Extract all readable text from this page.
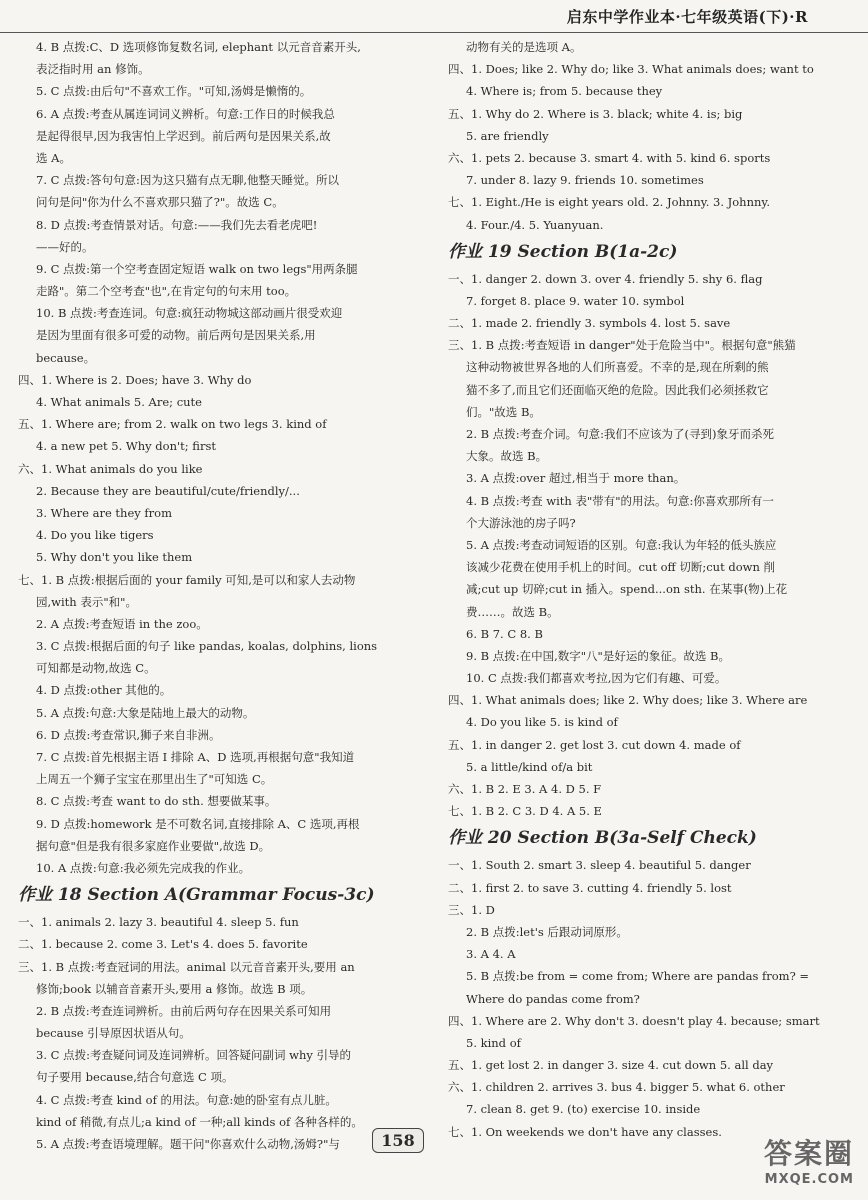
启东中学作业本·七年级英语(下)·R
4. B 点拨:C、D 选项修饰复数名词, elephant 以元音音素开头,
表泛指时用 an 修饰。
5. C 点拨:由后句"不喜欢工作。"可知,汤姆是懒惰的。
6. A 点拨:考查从属连词词义辨析。句意:工作日的时候我总
是起得很早,因为我害怕上学迟到。前后两句是因果关系,故
选 A。
7. C 点拨:答句句意:因为这只猫有点无聊,他整天睡觉。所以
问句是问"你为什么不喜欢那只猫了?"。故选 C。
8. D 点拨:考查情景对话。句意:——我们先去看老虎吧!
——好的。
9. C 点拨:第一个空考查固定短语 walk on two legs"用两条腿
走路"。第二个空考查"也",在肯定句的句末用 too。
10. B 点拨:考查连词。句意:疯狂动物城这部动画片很受欢迎
是因为里面有很多可爱的动物。前后两句是因果关系,用
because。
四、1. Where is 2. Does; have 3. Why do
4. What animals 5. Are; cute
五、1. Where are; from 2. walk on two legs 3. kind of
4. a new pet 5. Why don't; first
六、1. What animals do you like
2. Because they are beautiful/cute/friendly/...
3. Where are they from
4. Do you like tigers
5. Why don't you like them
七、1. B 点拨:根据后面的 your family 可知,是可以和家人去动物
园,with 表示"和"。
2. A 点拨:考查短语 in the zoo。
3. C 点拨:根据后面的句子 like pandas, koalas, dolphins, lions
可知都是动物,故选 C。
4. D 点拨:other 其他的。
5. A 点拨:句意:大象是陆地上最大的动物。
6. D 点拨:考查常识,狮子来自非洲。
7. C 点拨:首先根据主语 I 排除 A、D 选项,再根据句意"我知道
上周五一个狮子宝宝在那里出生了"可知选 C。
8. C 点拨:考查 want to do sth. 想要做某事。
9. D 点拨:homework 是不可数名词,直接排除 A、C 选项,再根
据句意"但是我有很多家庭作业要做",故选 D。
10. A 点拨:句意:我必须先完成我的作业。
作业 18 Section A(Grammar Focus-3c)
一、1. animals 2. lazy 3. beautiful 4. sleep 5. fun
二、1. because 2. come 3. Let's 4. does 5. favorite
三、1. B 点拨:考查冠词的用法。animal 以元音音素开头,要用 an
修饰;book 以辅音音素开头,要用 a 修饰。故选 B 项。
2. B 点拨:考查连词辨析。由前后两句存在因果关系可知用
because 引导原因状语从句。
3. C 点拨:考查疑问词及连词辨析。回答疑问副词 why 引导的
句子要用 because,结合句意选 C 项。
4. C 点拨:考查 kind of 的用法。句意:她的卧室有点儿脏。
kind of 稍微,有点儿;a kind of 一种;all kinds of 各种各样的。
5. A 点拨:考查语境理解。题干问"你喜欢什么动物,汤姆?"与
动物有关的是选项 A。
四、1. Does; like 2. Why do; like 3. What animals does; want to
4. Where is; from 5. because they
五、1. Why do 2. Where is 3. black; white 4. is; big
5. are friendly
六、1. pets 2. because 3. smart 4. with 5. kind 6. sports
7. under 8. lazy 9. friends 10. sometimes
七、1. Eight./He is eight years old. 2. Johnny. 3. Johnny.
4. Four./4. 5. Yuanyuan.
作业 19 Section B(1a-2c)
一、1. danger 2. down 3. over 4. friendly 5. shy 6. flag
7. forget 8. place 9. water 10. symbol
二、1. made 2. friendly 3. symbols 4. lost 5. save
三、1. B 点拨:考查短语 in danger"处于危险当中"。根据句意"熊猫
这种动物被世界各地的人们所喜爱。不幸的是,现在所剩的熊
猫不多了,而且它们还面临灭绝的危险。因此我们必须拯救它
们。"故选 B。
2. B 点拨:考查介词。句意:我们不应该为了(寻到)象牙而杀死
大象。故选 B。
3. A 点拨:over 超过,相当于 more than。
4. B 点拨:考查 with 表"带有"的用法。句意:你喜欢那所有一
个大游泳池的房子吗?
5. A 点拨:考查动词短语的区别。句意:我认为年轻的低头族应
该减少花费在使用手机上的时间。cut off 切断;cut down 削
减;cut up 切碎;cut in 插入。spend...on sth. 在某事(物)上花
费……。故选 B。
6. B 7. C 8. B
9. B 点拨:在中国,数字"八"是好运的象征。故选 B。
10. C 点拨:我们都喜欢考拉,因为它们有趣、可爱。
四、1. What animals does; like 2. Why does; like 3. Where are
4. Do you like 5. is kind of
五、1. in danger 2. get lost 3. cut down 4. made of
5. a little/kind of/a bit
六、1. B 2. E 3. A 4. D 5. F
七、1. B 2. C 3. D 4. A 5. E
作业 20 Section B(3a-Self Check)
一、1. South 2. smart 3. sleep 4. beautiful 5. danger
二、1. first 2. to save 3. cutting 4. friendly 5. lost
三、1. D
2. B 点拨:let's 后跟动词原形。
3. A 4. A
5. B 点拨:be from = come from; Where are pandas from? =
Where do pandas come from?
四、1. Where are 2. Why don't 3. doesn't play 4. because; smart
5. kind of
五、1. get lost 2. in danger 3. size 4. cut down 5. all day
六、1. children 2. arrives 3. bus 4. bigger 5. what 6. other
7. clean 8. get 9. (to) exercise 10. inside
七、1. On weekends we don't have any classes.
158	答案圈
MXQE.COM
